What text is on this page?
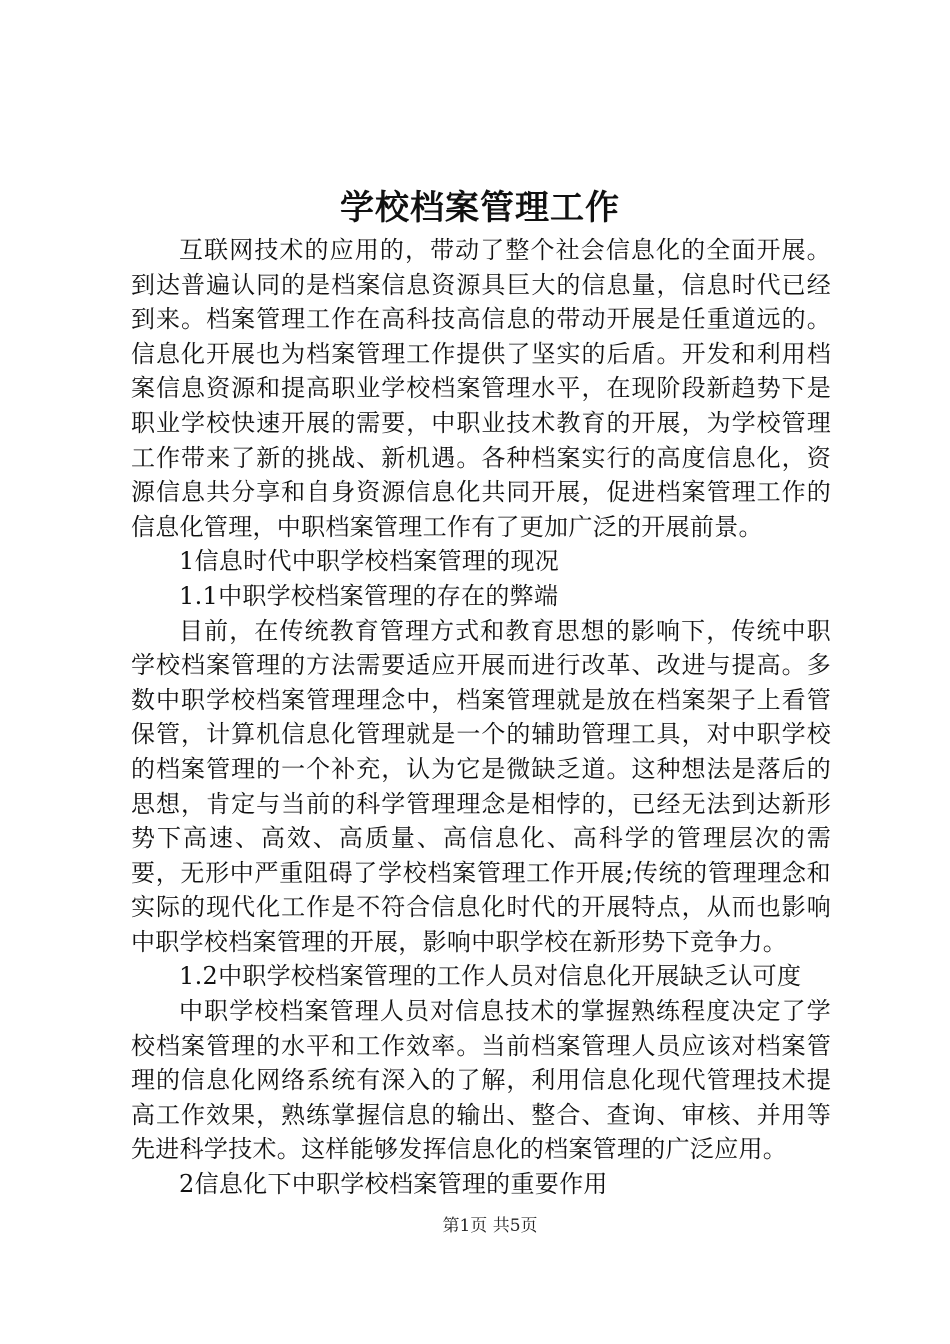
学校档案管理工作

互联网技术的应用的，带动了整个社会信息化的全面开展。到达普遍认同的是档案信息资源具巨大的信息量，信息时代已经到来。档案管理工作在高科技高信息的带动开展是任重道远的。信息化开展也为档案管理工作提供了坚实的后盾。开发和利用档案信息资源和提高职业学校档案管理水平，在现阶段新趋势下是职业学校快速开展的需要，中职业技术教育的开展，为学校管理工作带来了新的挑战、新机遇。各种档案实行的高度信息化，资源信息共分享和自身资源信息化共同开展，促进档案管理工作的信息化管理，中职档案管理工作有了更加广泛的开展前景。

1信息时代中职学校档案管理的现况

1.1中职学校档案管理的存在的弊端

目前，在传统教育管理方式和教育思想的影响下，传统中职学校档案管理的方法需要适应开展而进行改革、改进与提高。多数中职学校档案管理理念中，档案管理就是放在档案架子上看管保管，计算机信息化管理就是一个的辅助管理工具，对中职学校的档案管理的一个补充，认为它是微缺乏道。这种想法是落后的思想，肯定与当前的科学管理理念是相悖的，已经无法到达新形势下高速、高效、高质量、高信息化、高科学的管理层次的需要，无形中严重阻碍了学校档案管理工作开展;传统的管理理念和实际的现代化工作是不符合信息化时代的开展特点，从而也影响中职学校档案管理的开展，影响中职学校在新形势下竞争力。

1.2中职学校档案管理的工作人员对信息化开展缺乏认可度

中职学校档案管理人员对信息技术的掌握熟练程度决定了学校档案管理的水平和工作效率。当前档案管理人员应该对档案管理的信息化网络系统有深入的了解，利用信息化现代管理技术提高工作效果，熟练掌握信息的输出、整合、查询、审核、并用等先进科学技术。这样能够发挥信息化的档案管理的广泛应用。

2信息化下中职学校档案管理的重要作用

第1页 共5页
